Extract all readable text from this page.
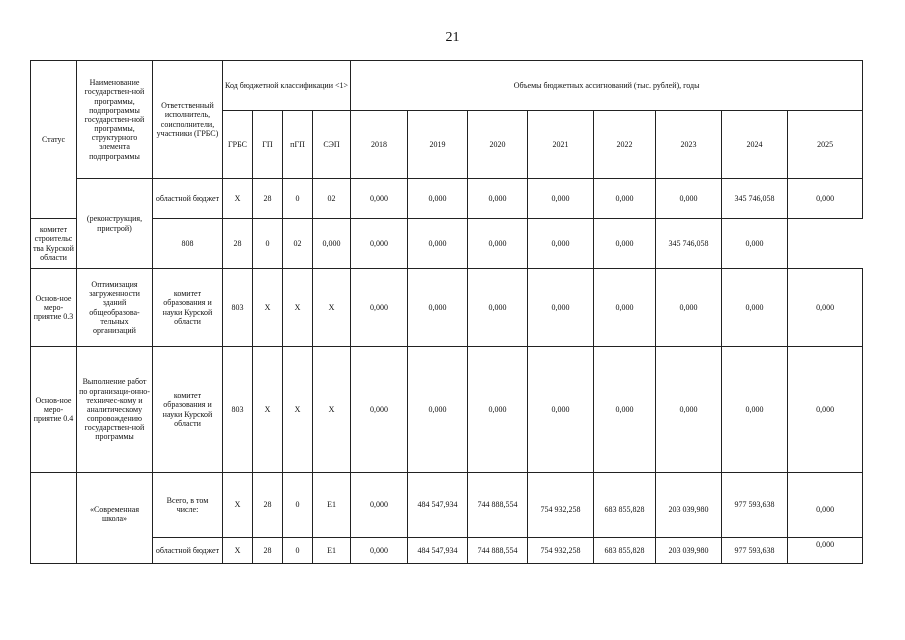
21
Статус	Наименование государствен-ной программы, подпрограммы государствен-ной программы, структурного элемента подпрограммы	Ответственный исполнитель, соисполнители, участники (ГРБС)	Код бюджетной классификации <1>				Объемы бюджетных ассигнований (тыс. рублей), годы							
			ГРБС	ГП	пГП	СЭП	2018	2019	2020	2021	2022	2023	2024	2025
	(реконструкция, пристрой)	областной бюджет	Х	28	0	02	0,000	0,000	0,000	0,000	0,000	0,000	345 746,058	0,000
комитет строительства Курской области		808	28	0	02	0,000	0,000	0,000	0,000	0,000	0,000	345 746,058	0,000	
Основ-ное меро-приятие 0.3	Оптимизация загруженности зданий общеобразова-тельных организаций	комитет образования и науки Курской области	803	Х	Х	Х	0,000	0,000	0,000	0,000	0,000	0,000	0,000	0,000
Основ-ное меро-приятие 0.4	Выполнение работ по организаци-онно-техничес-кому и аналитическому сопровождению государствен-ной программы	комитет образования и науки Курской области	803	Х	Х	Х	0,000	0,000	0,000	0,000	0,000	0,000	0,000	0,000
	«Современная школа»	Всего, в том числе:	Х	28	0	Е1	0,000	484 547,934	744 888,554	754 932,258	683 855,828	203 039,980	977 593,638	0,000
		областной бюджет	Х	28	0	Е1	0,000	484 547,934	744 888,554	754 932,258	683 855,828	203 039,980	977 593,638	0,000
